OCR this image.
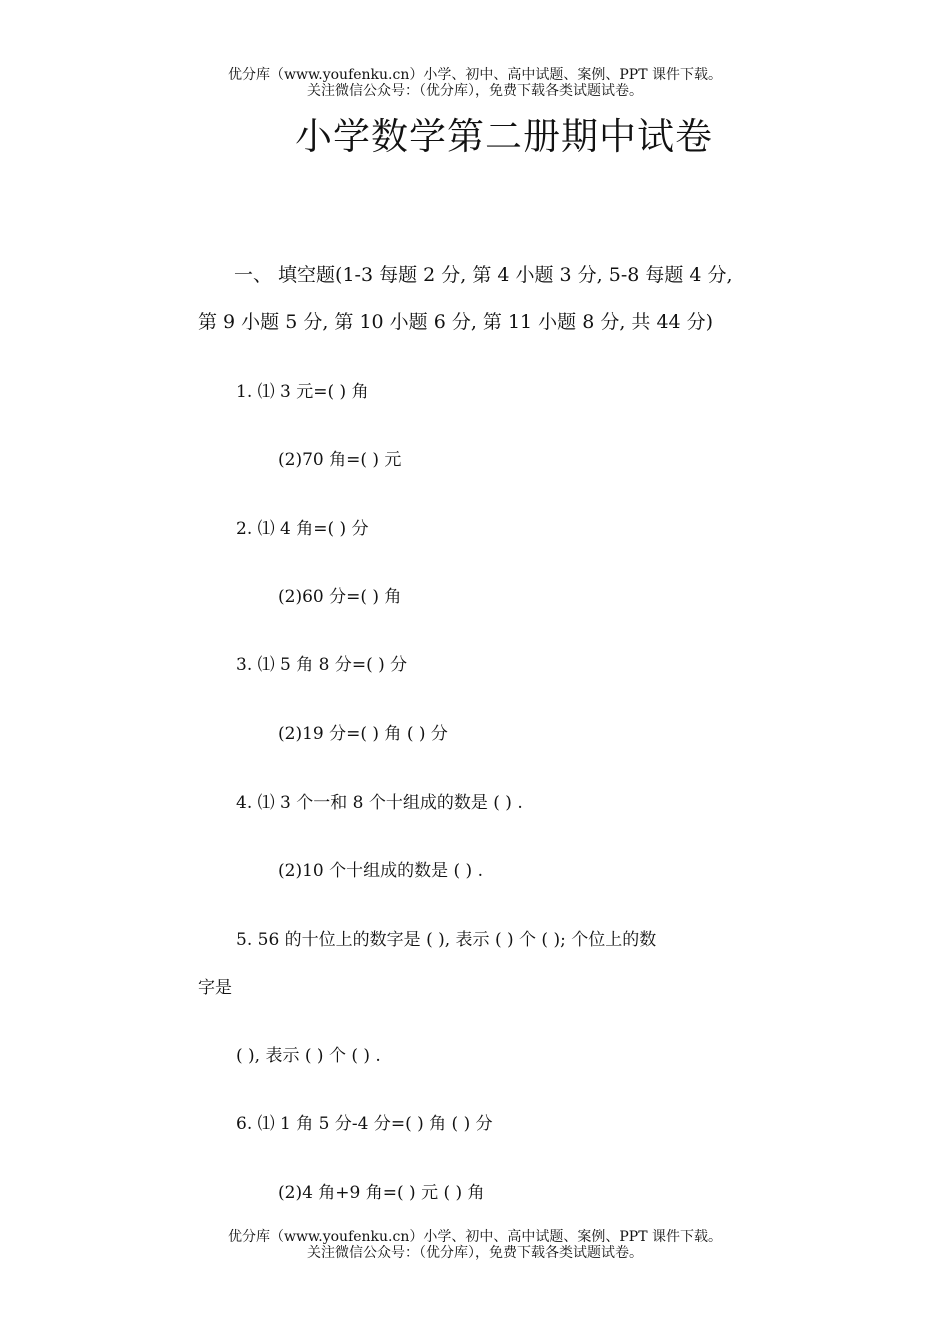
优分库（www.youfenku.cn）小学、初中、高中试题、案例、PPT 课件下载。
关注微信公众号：（优分库），免费下载各类试题试卷。
小学数学第二册期中试卷
一、 填空题(1-3 每题 2 分, 第 4 小题 3 分, 5-8 每题 4 分,
第 9 小题 5 分, 第 10 小题 6 分, 第 11 小题 8 分, 共 44 分)
1. ⑴ 3 元=( ) 角
(2)70 角=( ) 元
2. ⑴ 4 角=( ) 分
(2)60 分=( ) 角
3. ⑴ 5 角 8 分=( ) 分
(2)19 分=( ) 角 ( ) 分
4. ⑴ 3 个一和 8 个十组成的数是 ( ) .
(2)10 个十组成的数是 ( ) .
5. 56 的十位上的数字是 ( ), 表示 ( ) 个 ( ); 个位上的数
字是
( ), 表示 ( ) 个 ( ) .
6. ⑴ 1 角 5 分-4 分=( ) 角 ( ) 分
(2)4 角+9 角=( ) 元 ( ) 角
优分库（www.youfenku.cn）小学、初中、高中试题、案例、PPT 课件下载。
关注微信公众号：（优分库），免费下载各类试题试卷。
